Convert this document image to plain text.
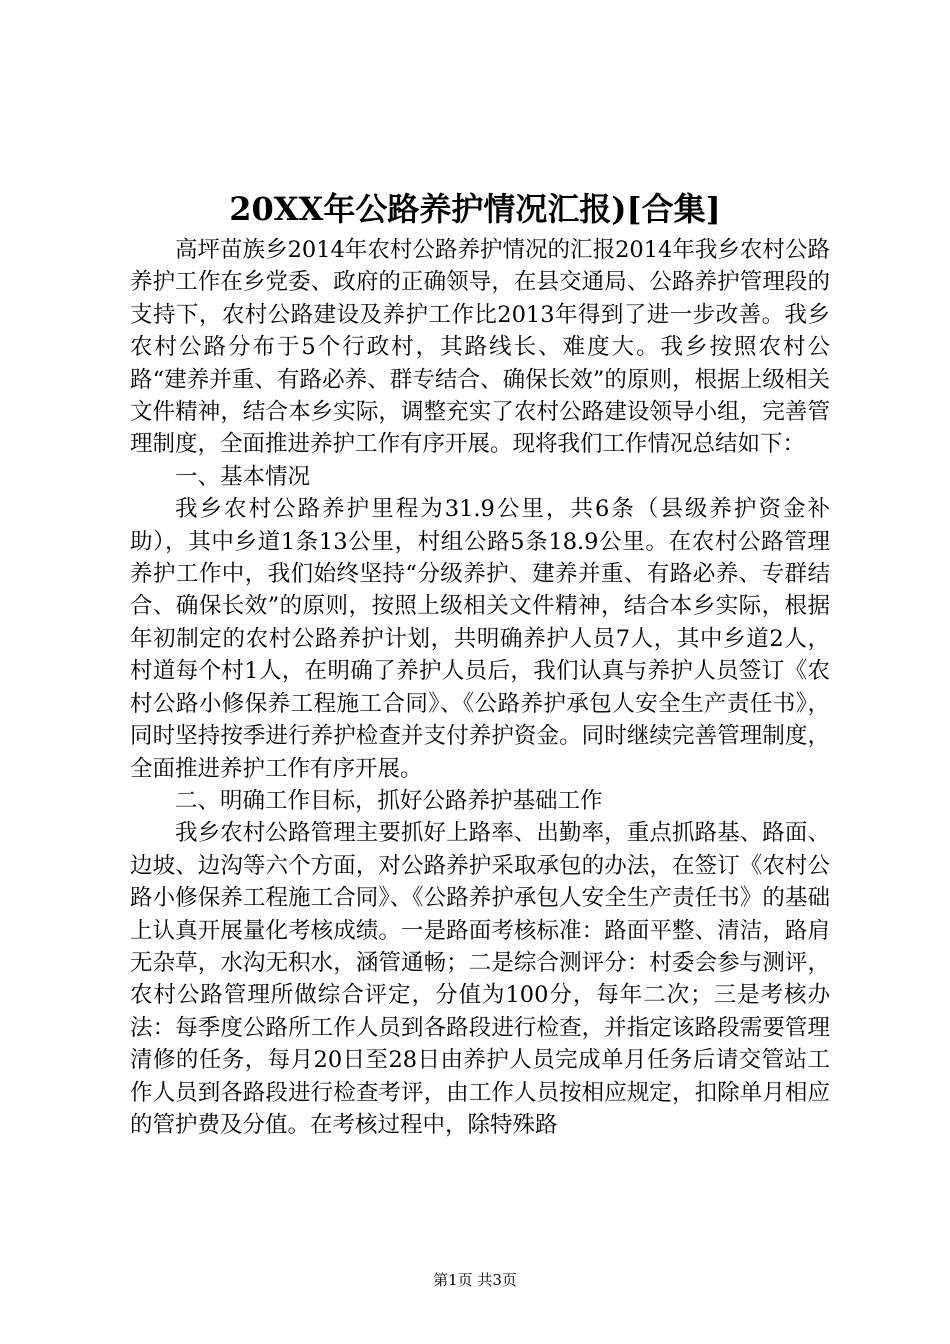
20XX年公路养护情况汇报)[合集]

高坪苗族乡2014年农村公路养护情况的汇报2014年我乡农村公路养护工作在乡党委、政府的正确领导，在县交通局、公路养护管理段的支持下，农村公路建设及养护工作比2013年得到了进一步改善。我乡农村公路分布于5个行政村，其路线长、难度大。我乡按照农村公路“建养并重、有路必养、群专结合、确保长效”的原则，根据上级相关文件精神，结合本乡实际，调整充实了农村公路建设领导小组，完善管理制度，全面推进养护工作有序开展。现将我们工作情况总结如下：

一、基本情况

我乡农村公路养护里程为31.9公里，共6条（县级养护资金补助），其中乡道1条13公里，村组公路5条18.9公里。在农村公路管理养护工作中，我们始终坚持“分级养护、建养并重、有路必养、专群结合、确保长效”的原则，按照上级相关文件精神，结合本乡实际，根据年初制定的农村公路养护计划，共明确养护人员7人，其中乡道2人，村道每个村1人，在明确了养护人员后，我们认真与养护人员签订《农村公路小修保养工程施工合同》、《公路养护承包人安全生产责任书》，同时坚持按季进行养护检查并支付养护资金。同时继续完善管理制度，全面推进养护工作有序开展。

二、明确工作目标，抓好公路养护基础工作

我乡农村公路管理主要抓好上路率、出勤率，重点抓路基、路面、边坡、边沟等六个方面，对公路养护采取承包的办法，在签订《农村公路小修保养工程施工合同》、《公路养护承包人安全生产责任书》的基础上认真开展量化考核成绩。一是路面考核标准：路面平整、清洁，路肩无杂草，水沟无积水，涵管通畅；二是综合测评分：村委会参与测评，农村公路管理所做综合评定，分值为100分，每年二次；三是考核办法：每季度公路所工作人员到各路段进行检查，并指定该路段需要管理清修的任务，每月20日至28日由养护人员完成单月任务后请交管站工作人员到各路段进行检查考评，由工作人员按相应规定，扣除单月相应的管护费及分值。在考核过程中，除特殊路

第1页 共3页
